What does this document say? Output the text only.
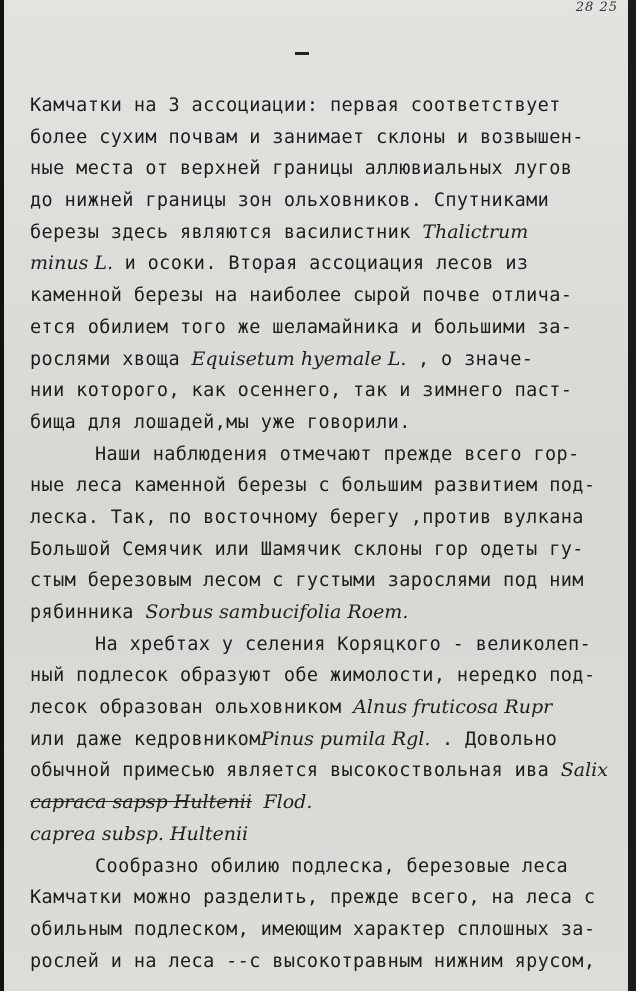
28 25
Камчатки на 3 ассоциации: первая соответствует
более сухим почвам и занимает склоны и возвышен-
ные места от верхней границы аллювиальных лугов
до нижней границы зон ольховников. Спутниками
березы здесь являются василистник Thalictrum
minus L. и осоки. Вторая ассоциация лесов из
каменной березы на наиболее сырой почве отлича-
ется обилием того же шеламайника и большими за-
рослями хвоща Equisetum hyemale L. , о значе-
нии которого, как осеннего, так и зимнего паст-
бища для лошадей,мы уже говорили.
Наши наблюдения отмечают прежде всего гор-
ные леса каменной березы с большим развитием под-
леска. Так, по восточному берегу ,против вулкана
Большой Семячик или Шамячик склоны гор одеты гу-
стым березовым лесом с густыми зарослями под ним
рябинника Sorbus sambucifolia Roem.
На хребтах у селения Коряцкого - великолеп-
ный подлесок образуют обе жимолости, нередко под-
лесок образован ольховником Alnus fruticosa Rupr
или даже кедровникомPinus pumila Rgl. . Довольно
обычной примесью является высокоствольная ива Salix
capraca sapsp Hultenii Flod.

caprea subsp. Hultenii
Сообразно обилию подлеска, березовые леса
Камчатки можно разделить, прежде всего, на леса с
обильным подлеском, имеющим характер сплошных за-
рослей и на леса --с высокотравным нижним ярусом,
